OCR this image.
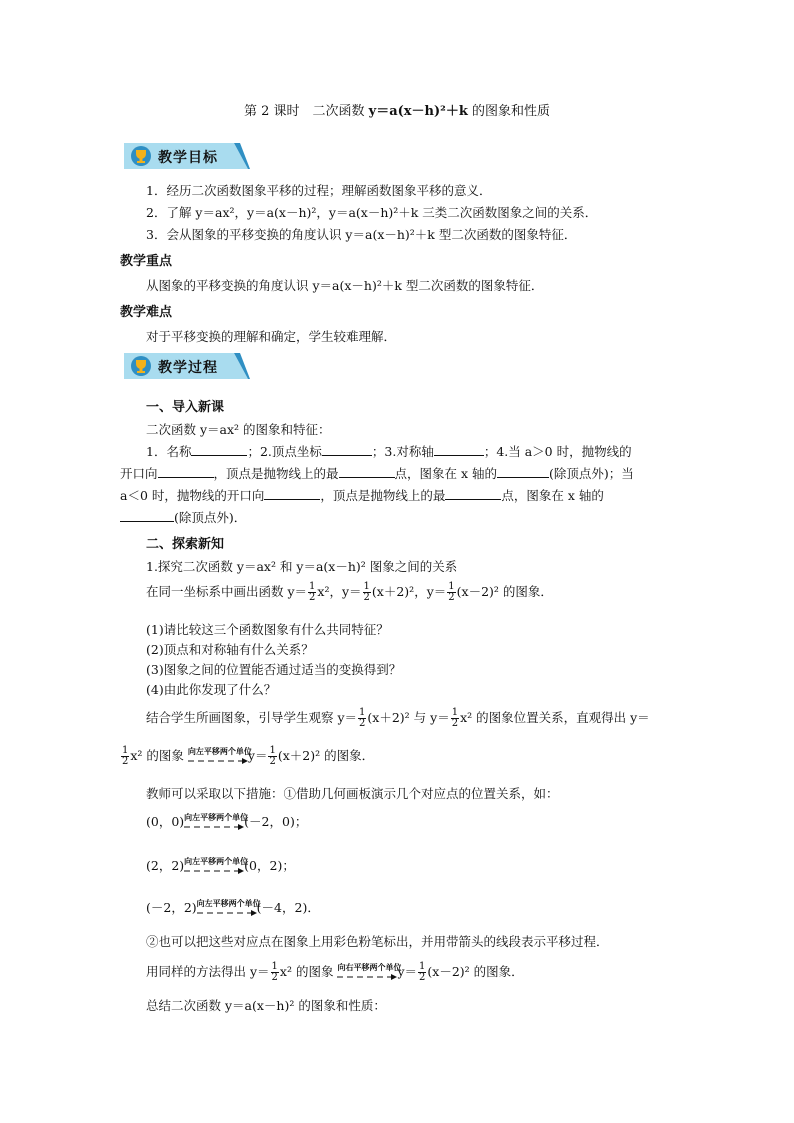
第 2 课时　二次函数 y＝a(x－h)²＋k 的图象和性质
教学目标
1．经历二次函数图象平移的过程；理解函数图象平移的意义．
2．了解 y＝ax²，y＝a(x－h)²，y＝a(x－h)²＋k 三类二次函数图象之间的关系．
3．会从图象的平移变换的角度认识 y＝a(x－h)²＋k 型二次函数的图象特征．
教学重点
从图象的平移变换的角度认识 y＝a(x－h)²＋k 型二次函数的图象特征．
教学难点
对于平移变换的理解和确定，学生较难理解．
教学过程
一、导入新课
二次函数 y＝ax² 的图象和特征：
1．名称	；2.顶点坐标	；3.对称轴	；4.当 a＞0 时，抛物线的
开口向	，顶点是抛物线上的最	点，图象在 x 轴的	(除顶点外)；当
a＜0 时，抛物线的开口向	，顶点是抛物线上的最	点，图象在 x 轴的
(除顶点外)．
二、探索新知
1.探究二次函数 y＝ax² 和 y＝a(x－h)² 图象之间的关系
在同一坐标系中画出函数 $y= \frac{1}{2} x^2$，$y= \frac{1}{2} (x+2)^2$，$y= \frac{1}{2} (x-2)^2$ 的图象．
(1)请比较这三个函数图象有什么共同特征？
(2)顶点和对称轴有什么关系？
(3)图象之间的位置能否通过适当的变换得到？
(4)由此你发现了什么？
结合学生所画图象，引导学生观察 $y= \frac{1}{2} (x+2)^2$ 与 $y= \frac{1}{2} x^2$ 的图象位置关系，直观得出 y＝
$\frac{1}{2} x^2$ 的图象 向左平移两个单位
$y= \frac{1}{2} (x+2)^2$ 的图象．
教师可以采取以下措施：①借助几何画板演示几个对应点的位置关系，如：
(0，0) 向左平移两个单位
(－2，0)；
(2，2) 向左平移两个单位
(0，2)；
(－2，2) 向左平移两个单位
(－4，2)．
②也可以把这些对应点在图象上用彩色粉笔标出，并用带箭头的线段表示平移过程．
用同样的方法得出 $y= \frac{1}{2} x^2$ 的图象 向右平移两个单位
$y= \frac{1}{2} (x-2)^2$ 的图象．
总结二次函数 y＝a(x－h)² 的图象和性质：
